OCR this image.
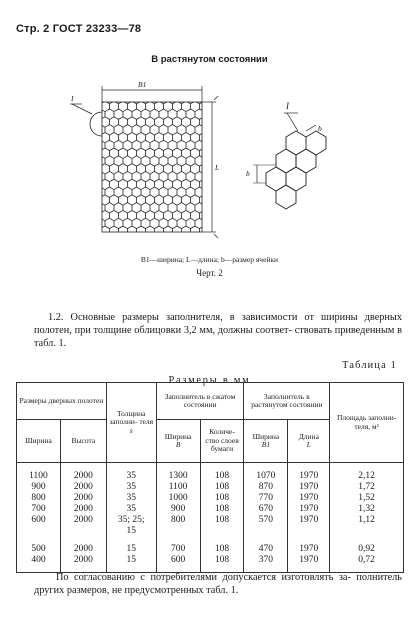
Стр. 2 ГОСТ 23233—78
В растянутом состоянии
B1
L
I
I
b
b
B1—ширина; L—длина; b—размер ячейки
Черт. 2
1.2. Основные размеры заполнителя, в зависимости от ширины дверных полотен, при толщине облицовки 3,2 мм, должны соответ- ствовать приведенным в табл. 1.
Таблица 1
Размеры в мм
Размеры дверных полотен		Толщина заполни- теля
s	Заполнитель в сжатом состоянии		Заполнитель в растянутом состоянии		Площадь заполни- теля, м²
Ширина	Высота		Ширина
B	Количе- ство слоев бумаги	Ширина
B1	Длина
L	
1100	2000	35	1300	108	1070	1970	2,12
900	2000	35	1100	108	870	1970	1,72
800	2000	35	1000	108	770	1970	1,52
700	2000	35	900	108	670	1970	1,32
600	2000	35; 25;	800	108	570	1970	1,12
		15					
500	2000	15	700	108	470	1970	0,92
400	2000	15	600	108	370	1970	0,72
По согласованию с потребителями допускается изготовлять за- полнитель других размеров, не предусмотренных табл. 1.
